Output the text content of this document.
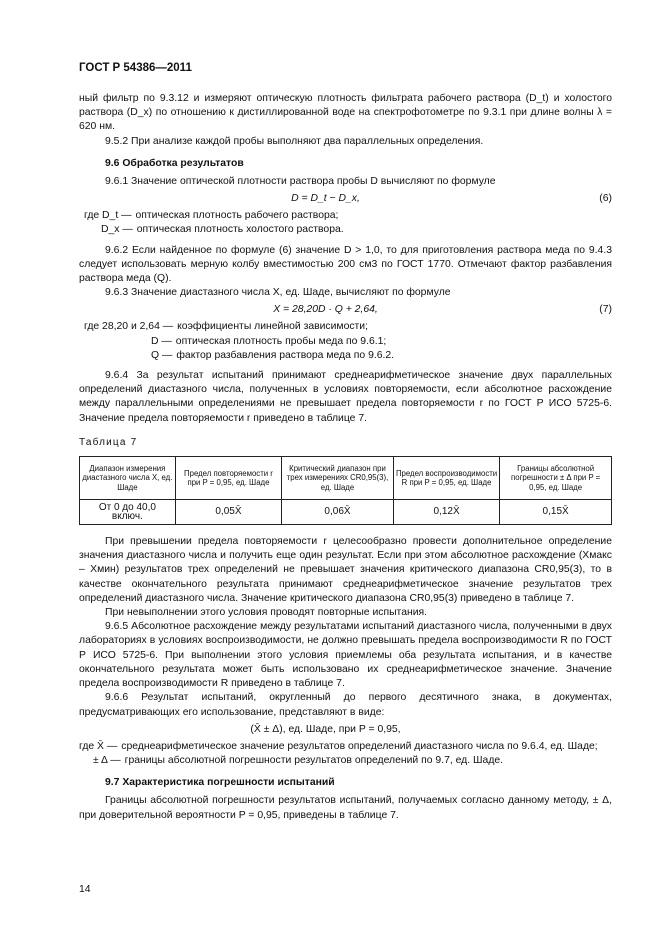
ГОСТ Р 54386—2011

ный фильтр по 9.3.12 и измеряют оптическую плотность фильтрата рабочего раствора (D_t) и холостого раствора (D_x) по отношению к дистиллированной воде на спектрофотометре по 9.3.1 при длине волны λ = 620 нм.

9.5.2 При анализе каждой пробы выполняют два параллельных определения.

9.6 Обработка результатов

9.6.1 Значение оптической плотности раствора пробы D вычисляют по формуле

D = D_t − D_x,	(6)
где D_t — оптическая плотность рабочего раствора;
D_x — оптическая плотность холостого раствора.

9.6.2 Если найденное по формуле (6) значение D > 1,0, то для приготовления раствора меда по 9.4.3 следует использовать мерную колбу вместимостью 200 см3 по ГОСТ 1770. Отмечают фактор разбавления раствора меда (Q).

9.6.3 Значение диастазного числа X, ед. Шаде, вычисляют по формуле

X = 28,20D · Q + 2,64,	(7)
где 28,20 и 2,64 — коэффициенты линейной зависимости;
D — оптическая плотность пробы меда по 9.6.1;
Q — фактор разбавления раствора меда по 9.6.2.

9.6.4 За результат испытаний принимают среднеарифметическое значение двух параллельных определений диастазного числа, полученных в условиях повторяемости, если абсолютное расхождение между параллельными определениями не превышает предела повторяемости r по ГОСТ Р ИСО 5725-6. Значение предела повторяемости r приведено в таблице 7.

Таблица 7

Диапазон измерения диастазного числа X, ед. Шаде	Предел повторяемости r при P = 0,95, ед. Шаде	Критический диапазон при трех измерениях CR0,95(3), ед. Шаде	Предел воспроизводимости R при P = 0,95, ед. Шаде	Границы абсолютной погрешности ± Δ при P = 0,95, ед. Шаде
От 0 до 40,0 включ.	0,05X̄	0,06X̄	0,12X̄	0,15X̄

При превышении предела повторяемости r целесообразно провести дополнительное определение значения диастазного числа и получить еще один результат. Если при этом абсолютное расхождение (Xмакс – Xмин) результатов трех определений не превышает значения критического диапазона CR0,95(3), то в качестве окончательного результата принимают среднеарифметическое значение результатов трех определений диастазного числа. Значение критического диапазона CR0,95(3) приведено в таблице 7.

При невыполнении этого условия проводят повторные испытания.

9.6.5 Абсолютное расхождение между результатами испытаний диастазного числа, полученными в двух лабораториях в условиях воспроизводимости, не должно превышать предела воспроизводимости R по ГОСТ Р ИСО 5725-6. При выполнении этого условия приемлемы оба результата испытания, и в качестве окончательного результата может быть использовано их среднеарифметическое значение. Значение предела воспроизводимости R приведено в таблице 7.

9.6.6 Результат испытаний, округленный до первого десятичного знака, в документах, предусматривающих его использование, представляют в виде:

(X̄ ± Δ), ед. Шаде, при P = 0,95,
где X̄ — среднеарифметическое значение результатов определений диастазного числа по 9.6.4, ед. Шаде;
± Δ — границы абсолютной погрешности результатов определений по 9.7, ед. Шаде.

9.7 Характеристика погрешности испытаний

Границы абсолютной погрешности результатов испытаний, получаемых согласно данному методу, ± Δ, при доверительной вероятности P = 0,95, приведены в таблице 7.

14
